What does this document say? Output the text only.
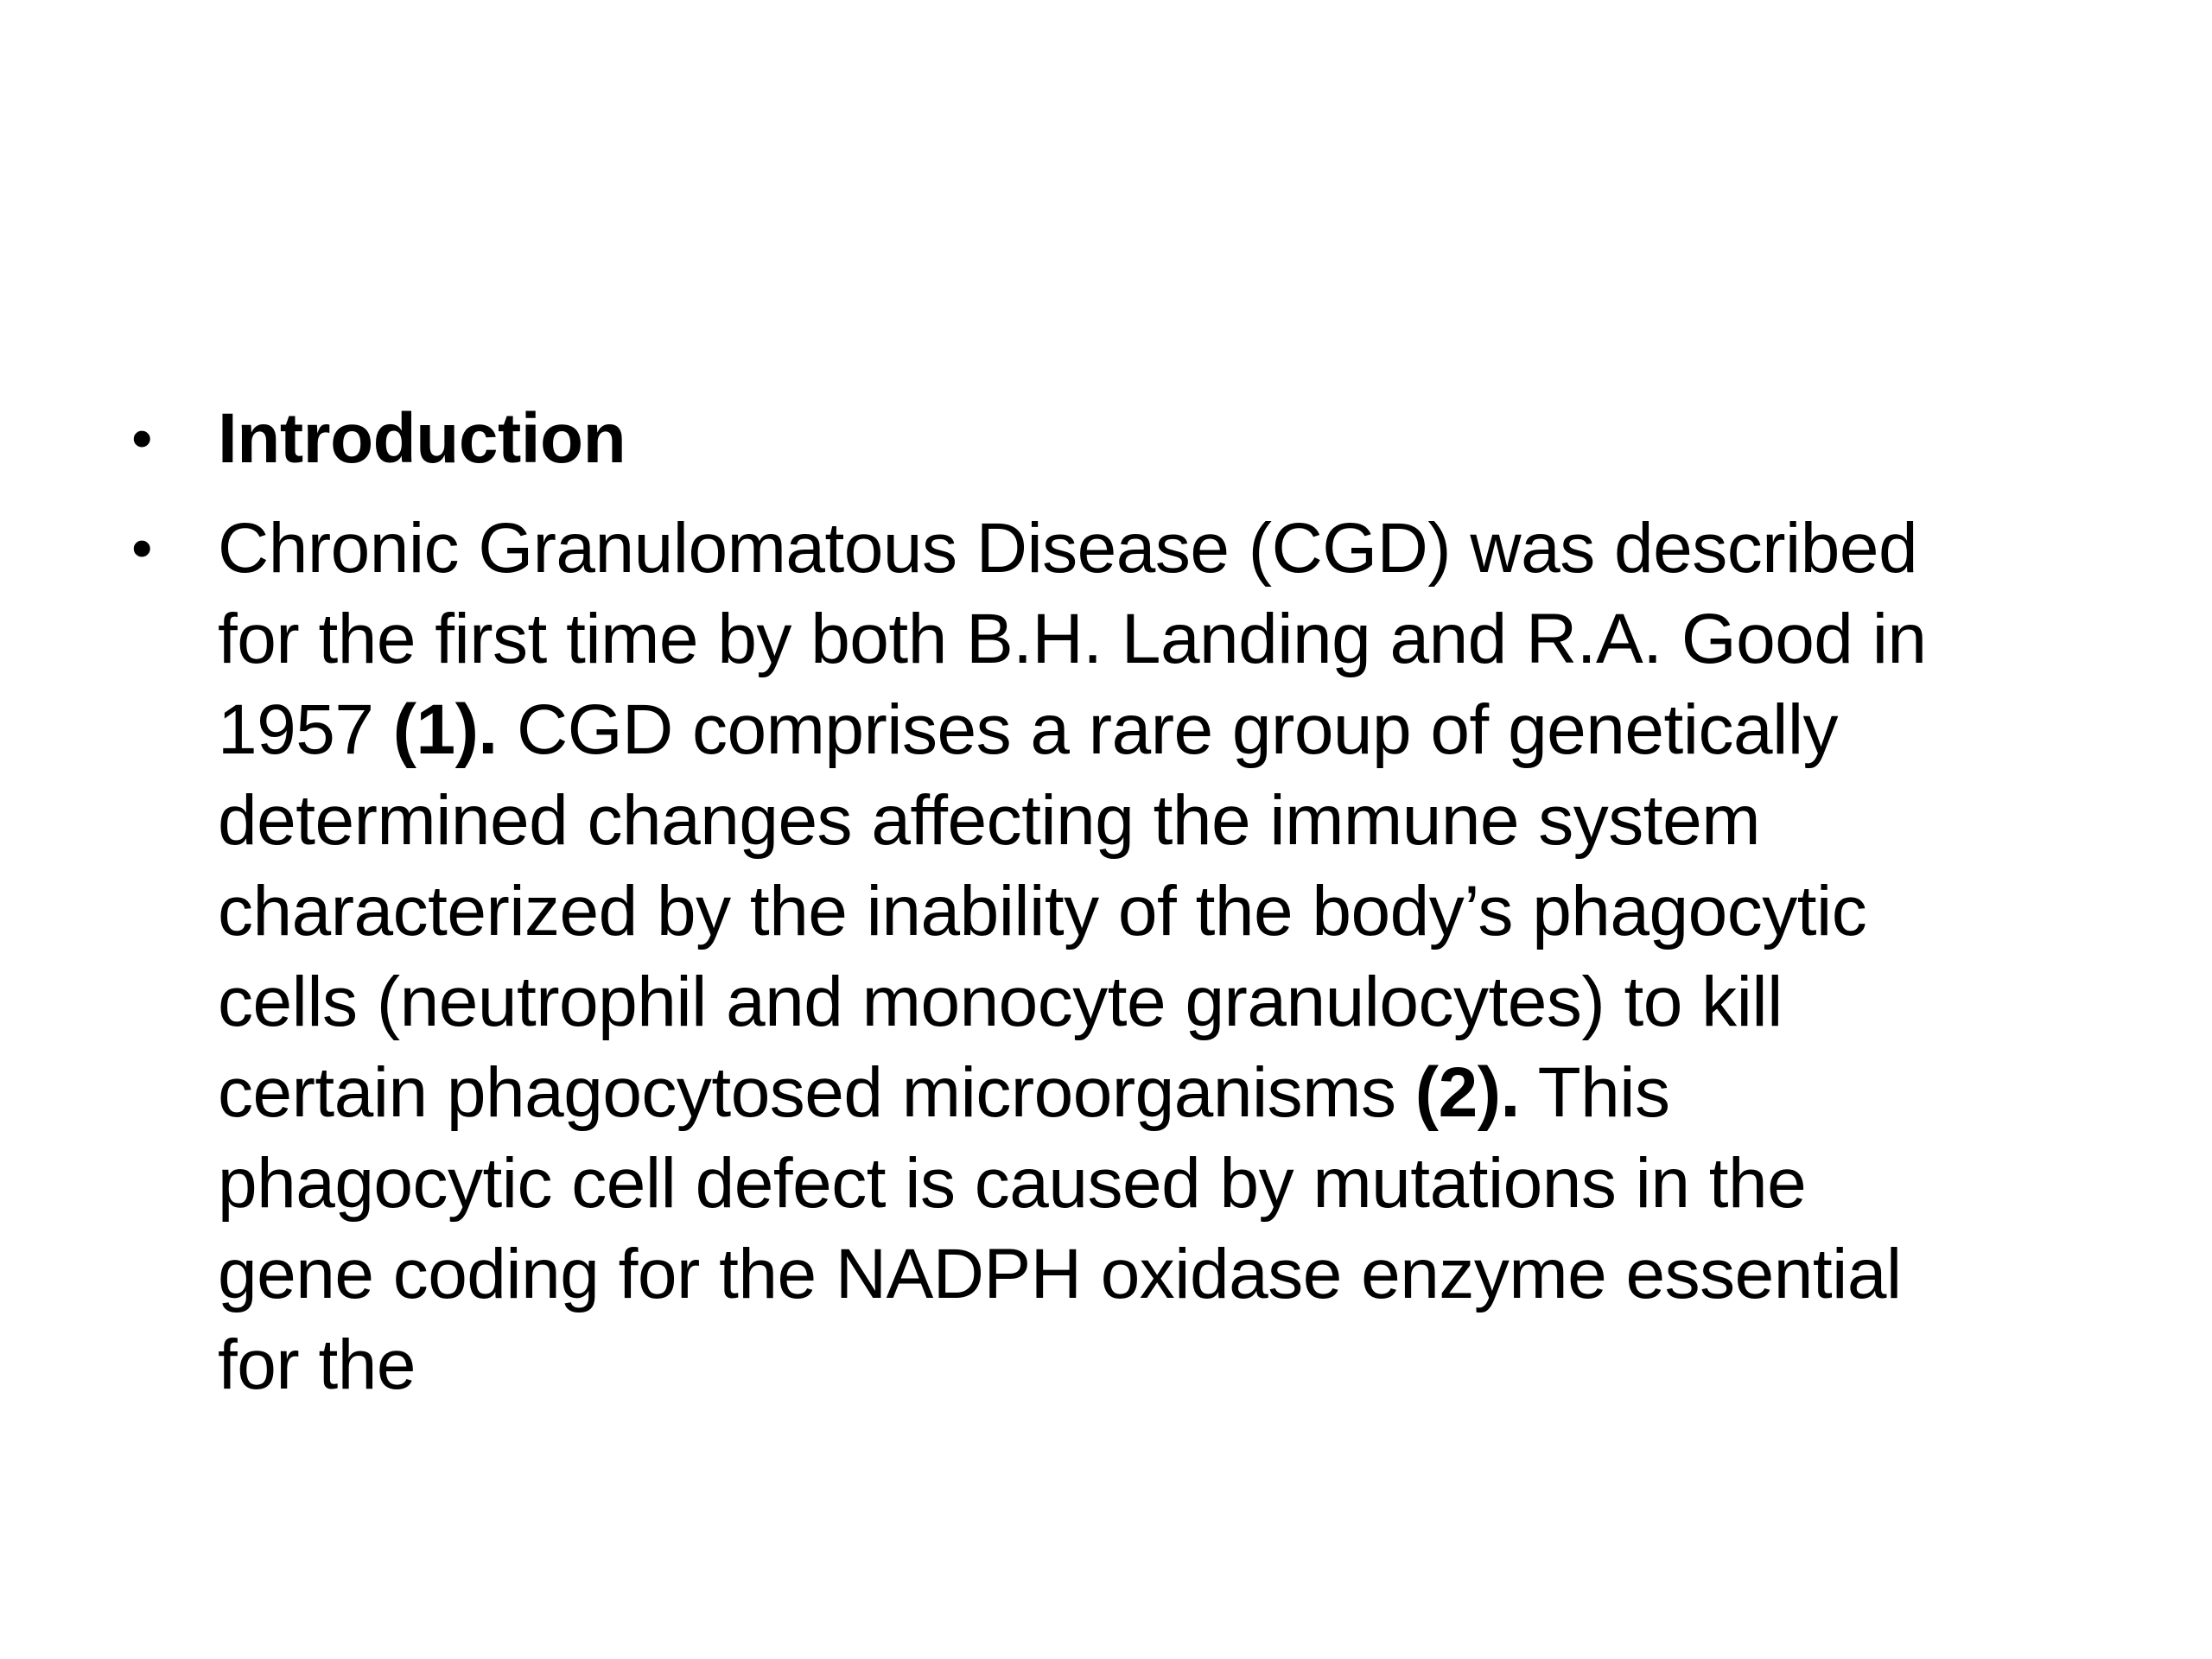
• Introduction
• Chronic Granulomatous Disease (CGD) was described
for the first time by both B.H. Landing and R.A. Good in
1957 (1). CGD comprises a rare group of genetically
determined changes affecting the immune system
characterized by the inability of the body’s phagocytic
cells (neutrophil and monocyte granulocytes) to kill
certain phagocytosed microorganisms (2). This
phagocytic cell defect is caused by mutations in the
gene coding for the NADPH oxidase enzyme essential
for the
